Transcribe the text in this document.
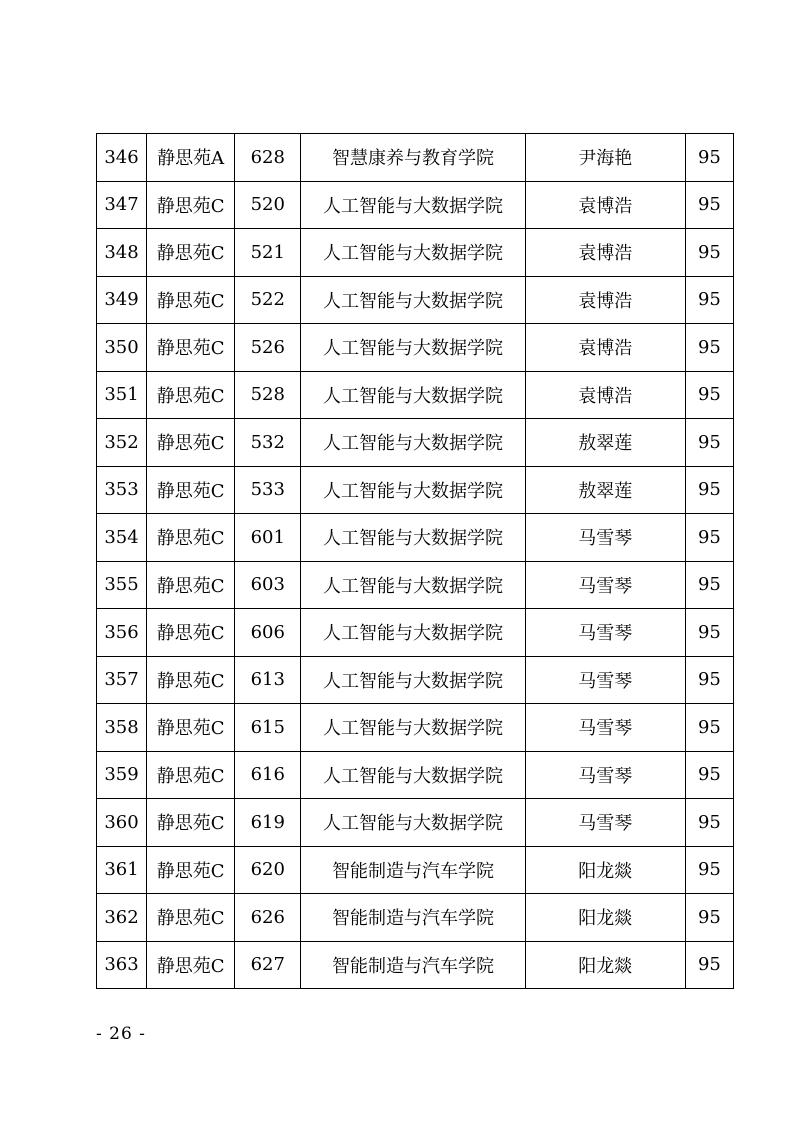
346	静思苑A	628	智慧康养与教育学院	尹海艳	95
347	静思苑C	520	人工智能与大数据学院	袁博浩	95
348	静思苑C	521	人工智能与大数据学院	袁博浩	95
349	静思苑C	522	人工智能与大数据学院	袁博浩	95
350	静思苑C	526	人工智能与大数据学院	袁博浩	95
351	静思苑C	528	人工智能与大数据学院	袁博浩	95
352	静思苑C	532	人工智能与大数据学院	敖翠莲	95
353	静思苑C	533	人工智能与大数据学院	敖翠莲	95
354	静思苑C	601	人工智能与大数据学院	马雪琴	95
355	静思苑C	603	人工智能与大数据学院	马雪琴	95
356	静思苑C	606	人工智能与大数据学院	马雪琴	95
357	静思苑C	613	人工智能与大数据学院	马雪琴	95
358	静思苑C	615	人工智能与大数据学院	马雪琴	95
359	静思苑C	616	人工智能与大数据学院	马雪琴	95
360	静思苑C	619	人工智能与大数据学院	马雪琴	95
361	静思苑C	620	智能制造与汽车学院	阳龙燚	95
362	静思苑C	626	智能制造与汽车学院	阳龙燚	95
363	静思苑C	627	智能制造与汽车学院	阳龙燚	95
- 26 -
